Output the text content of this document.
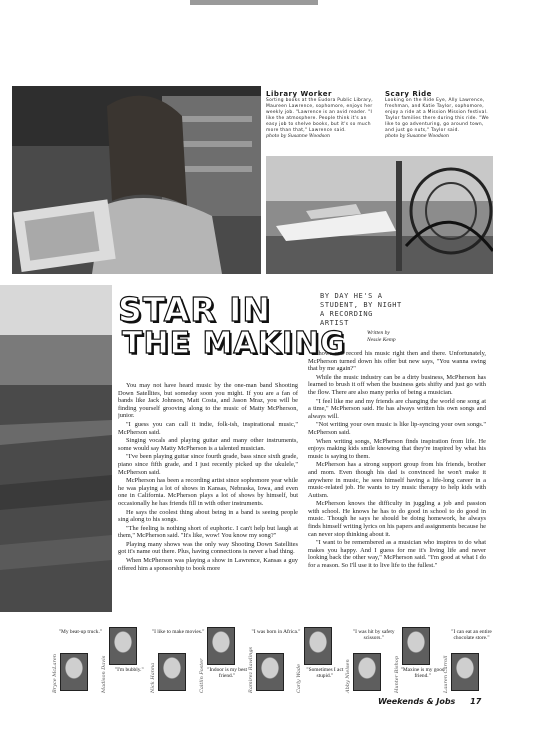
Library Worker
Sorting books at the Eudora Public Library, Maureen Lawrence, sophomore, enjoys her weekly job. "Lawrence is an avid reader. "I like the atmosphere. People think it's an easy job to shelve books, but it's so much more than that," Lawrence said.
photo by Susanne Woodson
Scary Ride
Looking on the Ride Eye, Ally Lawrence, freshman, and Katie Taylor, sophomore, enjoy a ride at a Mission Mission festival. Taylor families there during this ride. "We like to go adventuring, go around town, and just go nuts," Taylor said.
photo by Susanne Woodson
STAR IN
THE MAKING
BY DAY HE'S A STUDENT, BY NIGHT A RECORDING ARTIST
Written by
Nessie Kemp

You may not have heard music by the one-man band Shooting Down Satellites, but someday soon you might. If you are a fan of bands like Jack Johnson, Matt Costa, and Jason Mraz, you will be finding yourself grooving along to the music of Matty McPherson, junior.

"I guess you can call it indie, folk-ish, inspirational music," McPherson said.

Singing vocals and playing guitar and many other instruments, some would say Matty McPherson is a talented musician.

"I've been playing guitar since fourth grade, bass since sixth grade, piano since fifth grade, and I just recently picked up the ukulele," McPherson said.

McPherson has been a recording artist since sophomore year while he was playing a lot of shows in Kansas, Nebraska, Iowa, and even one in California. McPherson plays a lot of shows by himself, but occasionally he has friends fill in with other instruments.

He says the coolest thing about being in a band is seeing people sing along to his songs.

"The feeling is nothing short of euphoric. I can't help but laugh at them," McPherson said. "It's like, wow! You know my song?"

Playing many shows was the only way Shooting Down Satellites got it's name out there. Plus, having connections is never a bad thing.

When McPherson was playing a show in Lawrence, Kansas a guy offered him a sponsorship to book more

shows and record his music right then and there. Unfortunately, McPherson turned down his offer but new says, "You wanna swing that by me again?"

While the music industry can be a dirty business, McPherson has learned to brush it off when the business gets shifty and just go with the flow. There are also many perks of being a musician.

"I feel like me and my friends are changing the world one song at a time," McPherson said. He has always written his own songs and always will.

"Not writing your own music is like lip-syncing your own songs." McPherson said.

When writing songs, McPherson finds inspiration from life. He enjoys making kids smile knowing that they're inspired by what his music is saying to them.

McPherson has a strong support group from his friends, brother and mom. Even though his dad is convinced he won't make it anywhere in music, he sees himself having a life-long career in a music-related job. He wants to try music therapy to help kids with Autism.

McPherson knows the difficulty in juggling a job and passion with school. He knows he has to do good in school to do good in music. Though he says he should be doing homework, he always finds himself writing lyrics on his papers and assignments because he can never stop thinking about it.

"I want to be remembered as a musician who inspires to do what makes you happy. And I guess for me it's living life and never looking back the other way," McPherson said. "I'm good at what I do for a reason. So I'll use it to live life to the fullest."

Bryce McLaren
"My beat-up truck."
Madison Davis	"I'm bubbly."	Nick Hanna
"I like to make movies."
Caitlin Foster "Indoor is my best friend."	Ramirez Rawlings
"I was born in Africa."
Carly Wade "Sometimes I act stupid."	Abby Nielsen
"I was hit by safety scissors."
Hunter Bishop "Maxine is my good friend."	Lauren Carroll
"I can eat an entire chocolate store."
Weekends & Jobs 17
